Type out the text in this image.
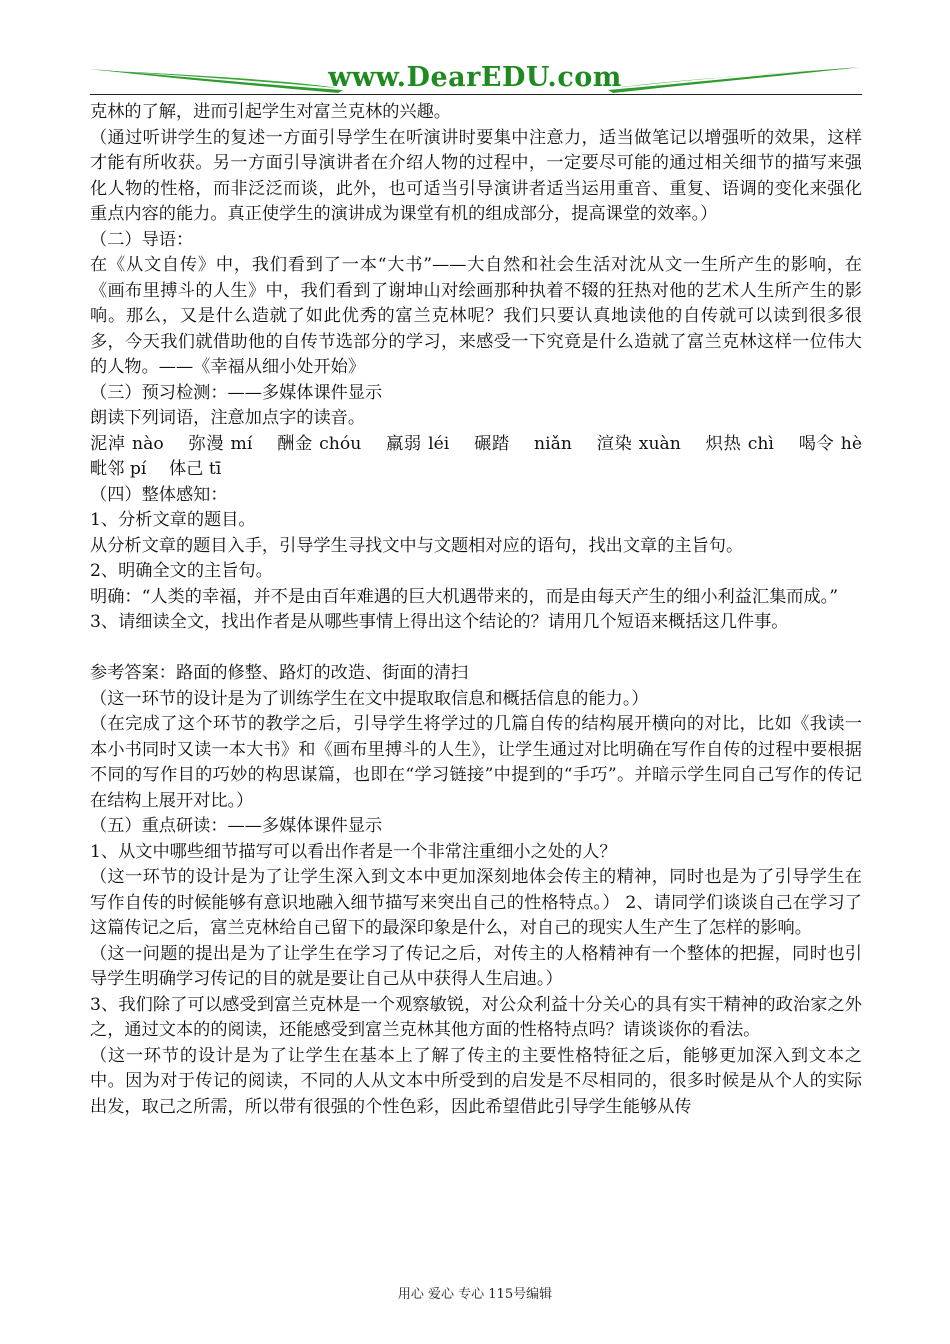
www.DearEDU.com

克林的了解，进而引起学生对富兰克林的兴趣。

（通过听讲学生的复述一方面引导学生在听演讲时要集中注意力，适当做笔记以增强听的效果，这样才能有所收获。另一方面引导演讲者在介绍人物的过程中，一定要尽可能的通过相关细节的描写来强化人物的性格，而非泛泛而谈，此外，也可适当引导演讲者适当运用重音、重复、语调的变化来强化重点内容的能力。真正使学生的演讲成为课堂有机的组成部分，提高课堂的效率。）

（二）导语：

在《从文自传》中，我们看到了一本“大书”——大自然和社会生活对沈从文一生所产生的影响，在《画布里搏斗的人生》中，我们看到了谢坤山对绘画那种执着不辍的狂热对他的艺术人生所产生的影响。那么，又是什么造就了如此优秀的富兰克林呢？我们只要认真地读他的自传就可以读到很多很多，今天我们就借助他的自传节选部分的学习，来感受一下究竟是什么造就了富兰克林这样一位伟大的人物。——《幸福从细小处开始》

（三）预习检测：——多媒体课件显示

朗读下列词语，注意加点字的读音。

泥淖 nào　 弥漫 mí　 酬金 chóu　 羸弱 léi　 碾踏　 niǎn　 渲染 xuàn　 炽热 chì　 喝令 hè　 毗邻 pí　 体己 tī

（四）整体感知：

1、分析文章的题目。

从分析文章的题目入手，引导学生寻找文中与文题相对应的语句，找出文章的主旨句。

2、明确全文的主旨句。

明确：“人类的幸福，并不是由百年难遇的巨大机遇带来的，而是由每天产生的细小利益汇集而成。”

3、请细读全文，找出作者是从哪些事情上得出这个结论的？请用几个短语来概括这几件事。

参考答案：路面的修整、路灯的改造、街面的清扫

（这一环节的设计是为了训练学生在文中提取取信息和概括信息的能力。）

（在完成了这个环节的教学之后，引导学生将学过的几篇自传的结构展开横向的对比，比如《我读一本小书同时又读一本大书》和《画布里搏斗的人生》，让学生通过对比明确在写作自传的过程中要根据不同的写作目的巧妙的构思谋篇，也即在“学习链接”中提到的“手巧”。并暗示学生同自己写作的传记在结构上展开对比。）

（五）重点研读：——多媒体课件显示

1、从文中哪些细节描写可以看出作者是一个非常注重细小之处的人？

（这一环节的设计是为了让学生深入到文本中更加深刻地体会传主的精神，同时也是为了引导学生在写作自传的时候能够有意识地融入细节描写来突出自己的性格特点。） 2、请同学们谈谈自己在学习了这篇传记之后，富兰克林给自己留下的最深印象是什么，对自己的现实人生产生了怎样的影响。

（这一问题的提出是为了让学生在学习了传记之后，对传主的人格精神有一个整体的把握，同时也引导学生明确学习传记的目的就是要让自己从中获得人生启迪。）

3、我们除了可以感受到富兰克林是一个观察敏锐，对公众利益十分关心的具有实干精神的政治家之外之，通过文本的的阅读，还能感受到富兰克林其他方面的性格特点吗？请谈谈你的看法。

（这一环节的设计是为了让学生在基本上了解了传主的主要性格特征之后，能够更加深入到文本之中。因为对于传记的阅读，不同的人从文本中所受到的启发是不尽相同的，很多时候是从个人的实际出发，取己之所需，所以带有很强的个性色彩，因此希望借此引导学生能够从传

用心 爱心 专心 115号编辑
